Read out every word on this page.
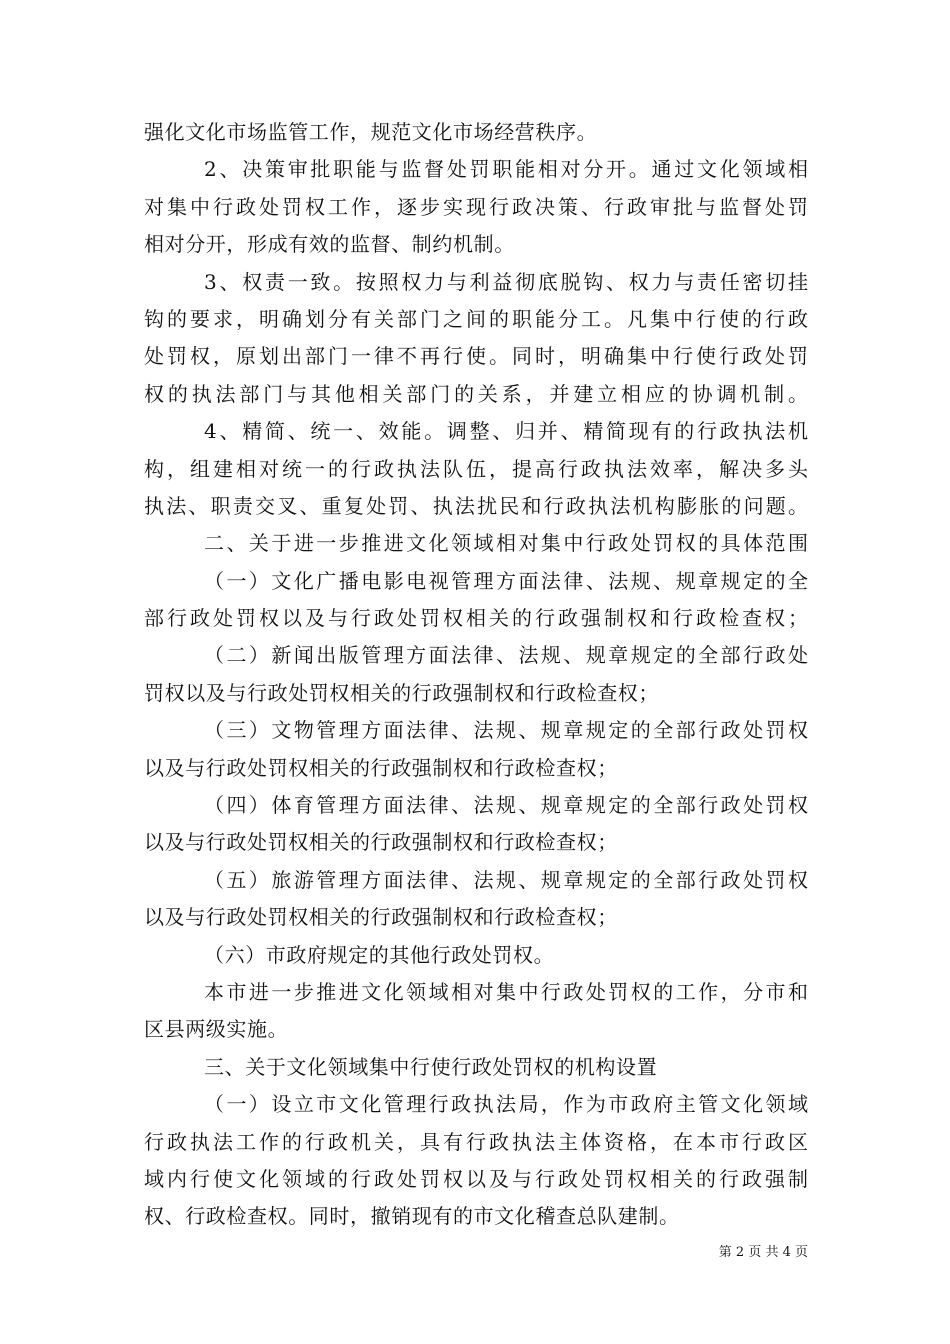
强化文化市场监管工作，规范文化市场经营秩序。
2、决策审批职能与监督处罚职能相对分开。通过文化领域相
对集中行政处罚权工作，逐步实现行政决策、行政审批与监督处罚
相对分开，形成有效的监督、制约机制。
3、权责一致。按照权力与利益彻底脱钩、权力与责任密切挂
钩的要求，明确划分有关部门之间的职能分工。凡集中行使的行政
处罚权，原划出部门一律不再行使。同时，明确集中行使行政处罚
权的执法部门与其他相关部门的关系，并建立相应的协调机制。
4、精简、统一、效能。调整、归并、精简现有的行政执法机
构，组建相对统一的行政执法队伍，提高行政执法效率，解决多头
执法、职责交叉、重复处罚、执法扰民和行政执法机构膨胀的问题。
二、关于进一步推进文化领域相对集中行政处罚权的具体范围
（一）文化广播电影电视管理方面法律、法规、规章规定的全
部行政处罚权以及与行政处罚权相关的行政强制权和行政检查权；
（二）新闻出版管理方面法律、法规、规章规定的全部行政处
罚权以及与行政处罚权相关的行政强制权和行政检查权；
（三）文物管理方面法律、法规、规章规定的全部行政处罚权
以及与行政处罚权相关的行政强制权和行政检查权；
（四）体育管理方面法律、法规、规章规定的全部行政处罚权
以及与行政处罚权相关的行政强制权和行政检查权；
（五）旅游管理方面法律、法规、规章规定的全部行政处罚权
以及与行政处罚权相关的行政强制权和行政检查权；
（六）市政府规定的其他行政处罚权。
本市进一步推进文化领域相对集中行政处罚权的工作，分市和
区县两级实施。
三、关于文化领域集中行使行政处罚权的机构设置
（一）设立市文化管理行政执法局，作为市政府主管文化领域
行政执法工作的行政机关，具有行政执法主体资格，在本市行政区
域内行使文化领域的行政处罚权以及与行政处罚权相关的行政强制
权、行政检查权。同时，撤销现有的市文化稽查总队建制。
第 2 页 共 4 页
